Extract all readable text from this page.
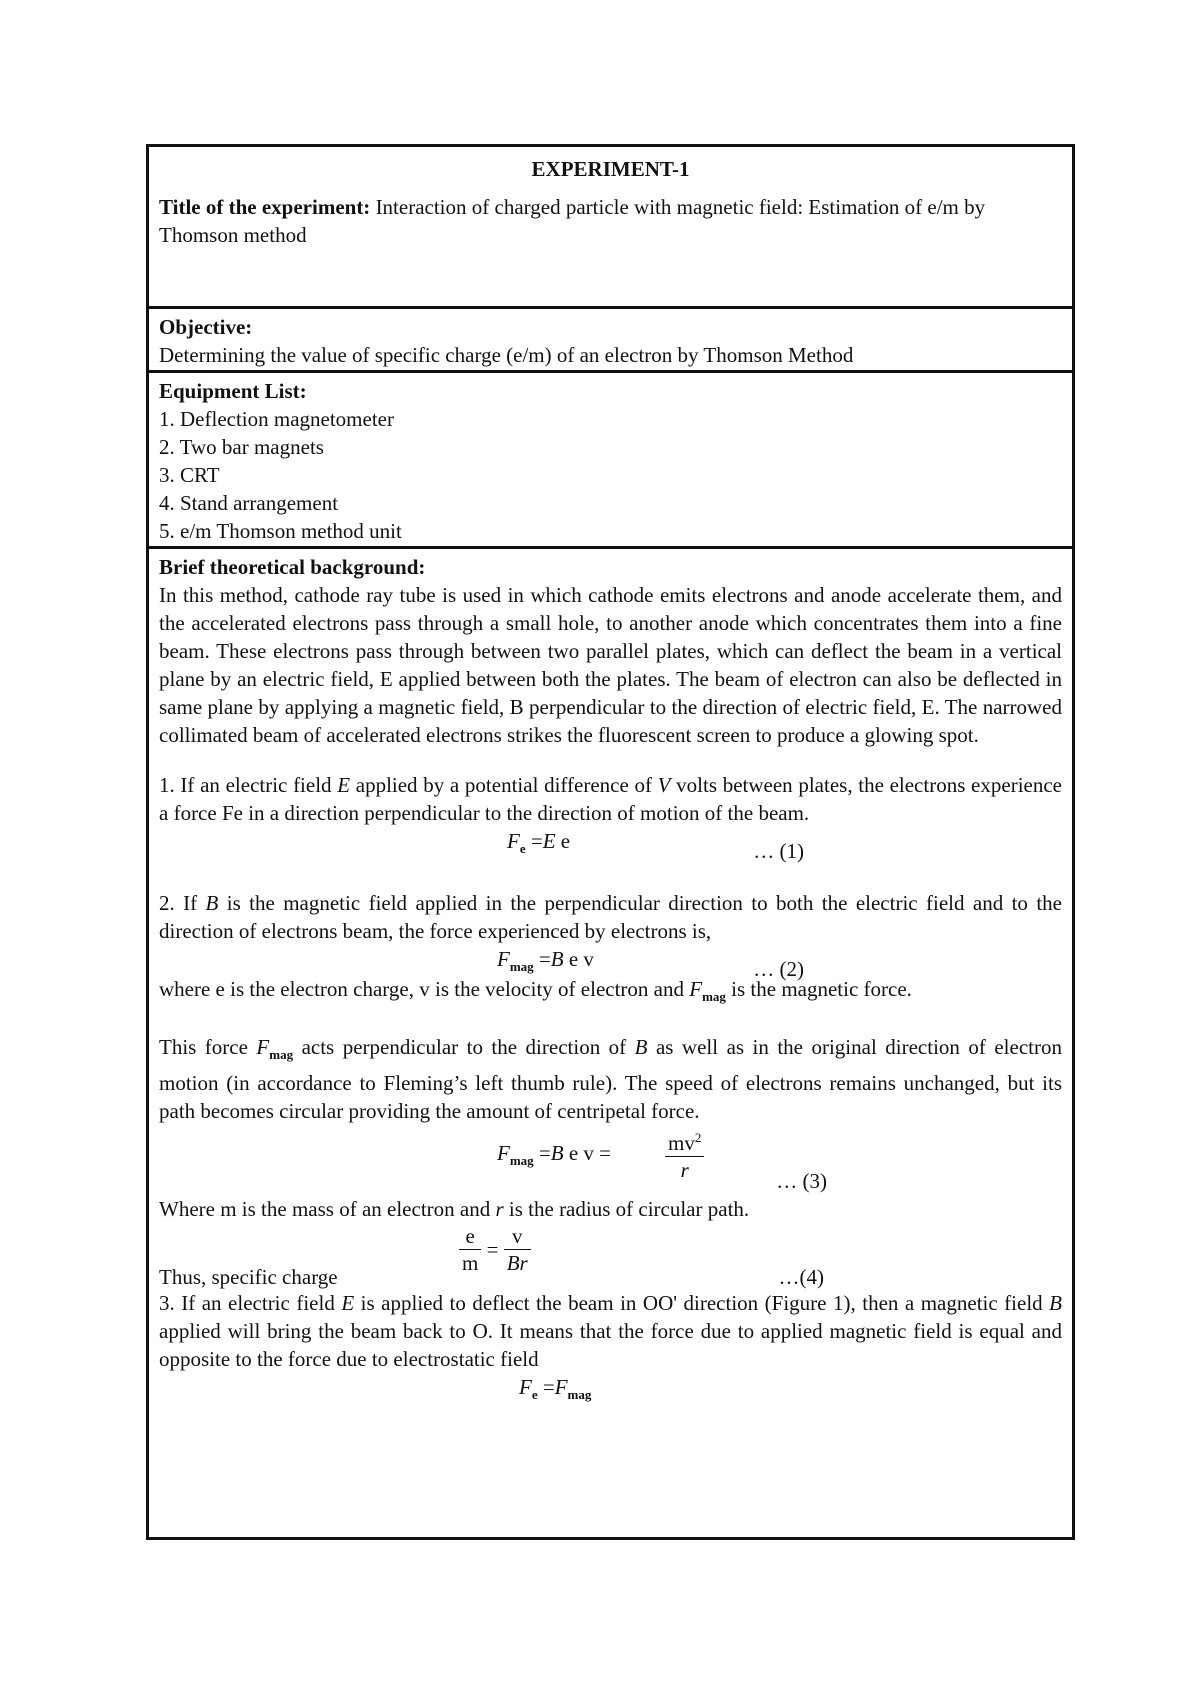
EXPERIMENT-1
Title of the experiment: Interaction of charged particle with magnetic field: Estimation of e/m by Thomson method
Objective:
Determining the value of specific charge (e/m) of an electron by Thomson Method
Equipment List:
1. Deflection magnetometer
2. Two bar magnets
3. CRT
4. Stand arrangement
5. e/m Thomson method unit
Brief theoretical background:
In this method, cathode ray tube is used in which cathode emits electrons and anode accelerate them, and the accelerated electrons pass through a small hole, to another anode which concentrates them into a fine beam. These electrons pass through between two parallel plates, which can deflect the beam in a vertical plane by an electric field, E applied between both the plates. The beam of electron can also be deflected in same plane by applying a magnetic field, B perpendicular to the direction of electric field, E. The narrowed collimated beam of accelerated electrons strikes the fluorescent screen to produce a glowing spot.
1. If an electric field E applied by a potential difference of V volts between plates, the electrons experience a force Fe in a direction perpendicular to the direction of motion of the beam.
$F_e =E$ e	… (1)
2. If B is the magnetic field applied in the perpendicular direction to both the electric field and to the direction of electrons beam, the force experienced by electrons is,
$F_{mag} =B$ e v	… (2)
where e is the electron charge, v is the velocity of electron and $F_{mag}$ is the magnetic force.
This force $F_{mag}$ acts perpendicular to the direction of B as well as in the original direction of electron motion (in accordance to Fleming’s left thumb rule). The speed of electrons remains unchanged, but its path becomes circular providing the amount of centripetal force.
$F_{mag} =B$ e v =	$\frac{mv^2}{r}$	… (3)
Where m is the mass of an electron and r is the radius of circular path.
Thus, specific charge
$\frac{e}{m} = \frac{v}{Br}$
…(4)
3. If an electric field E is applied to deflect the beam in OO' direction (Figure 1), then a magnetic field B applied will bring the beam back to O. It means that the force due to applied magnetic field is equal and opposite to the force due to electrostatic field
$F_e =F_{mag}$
